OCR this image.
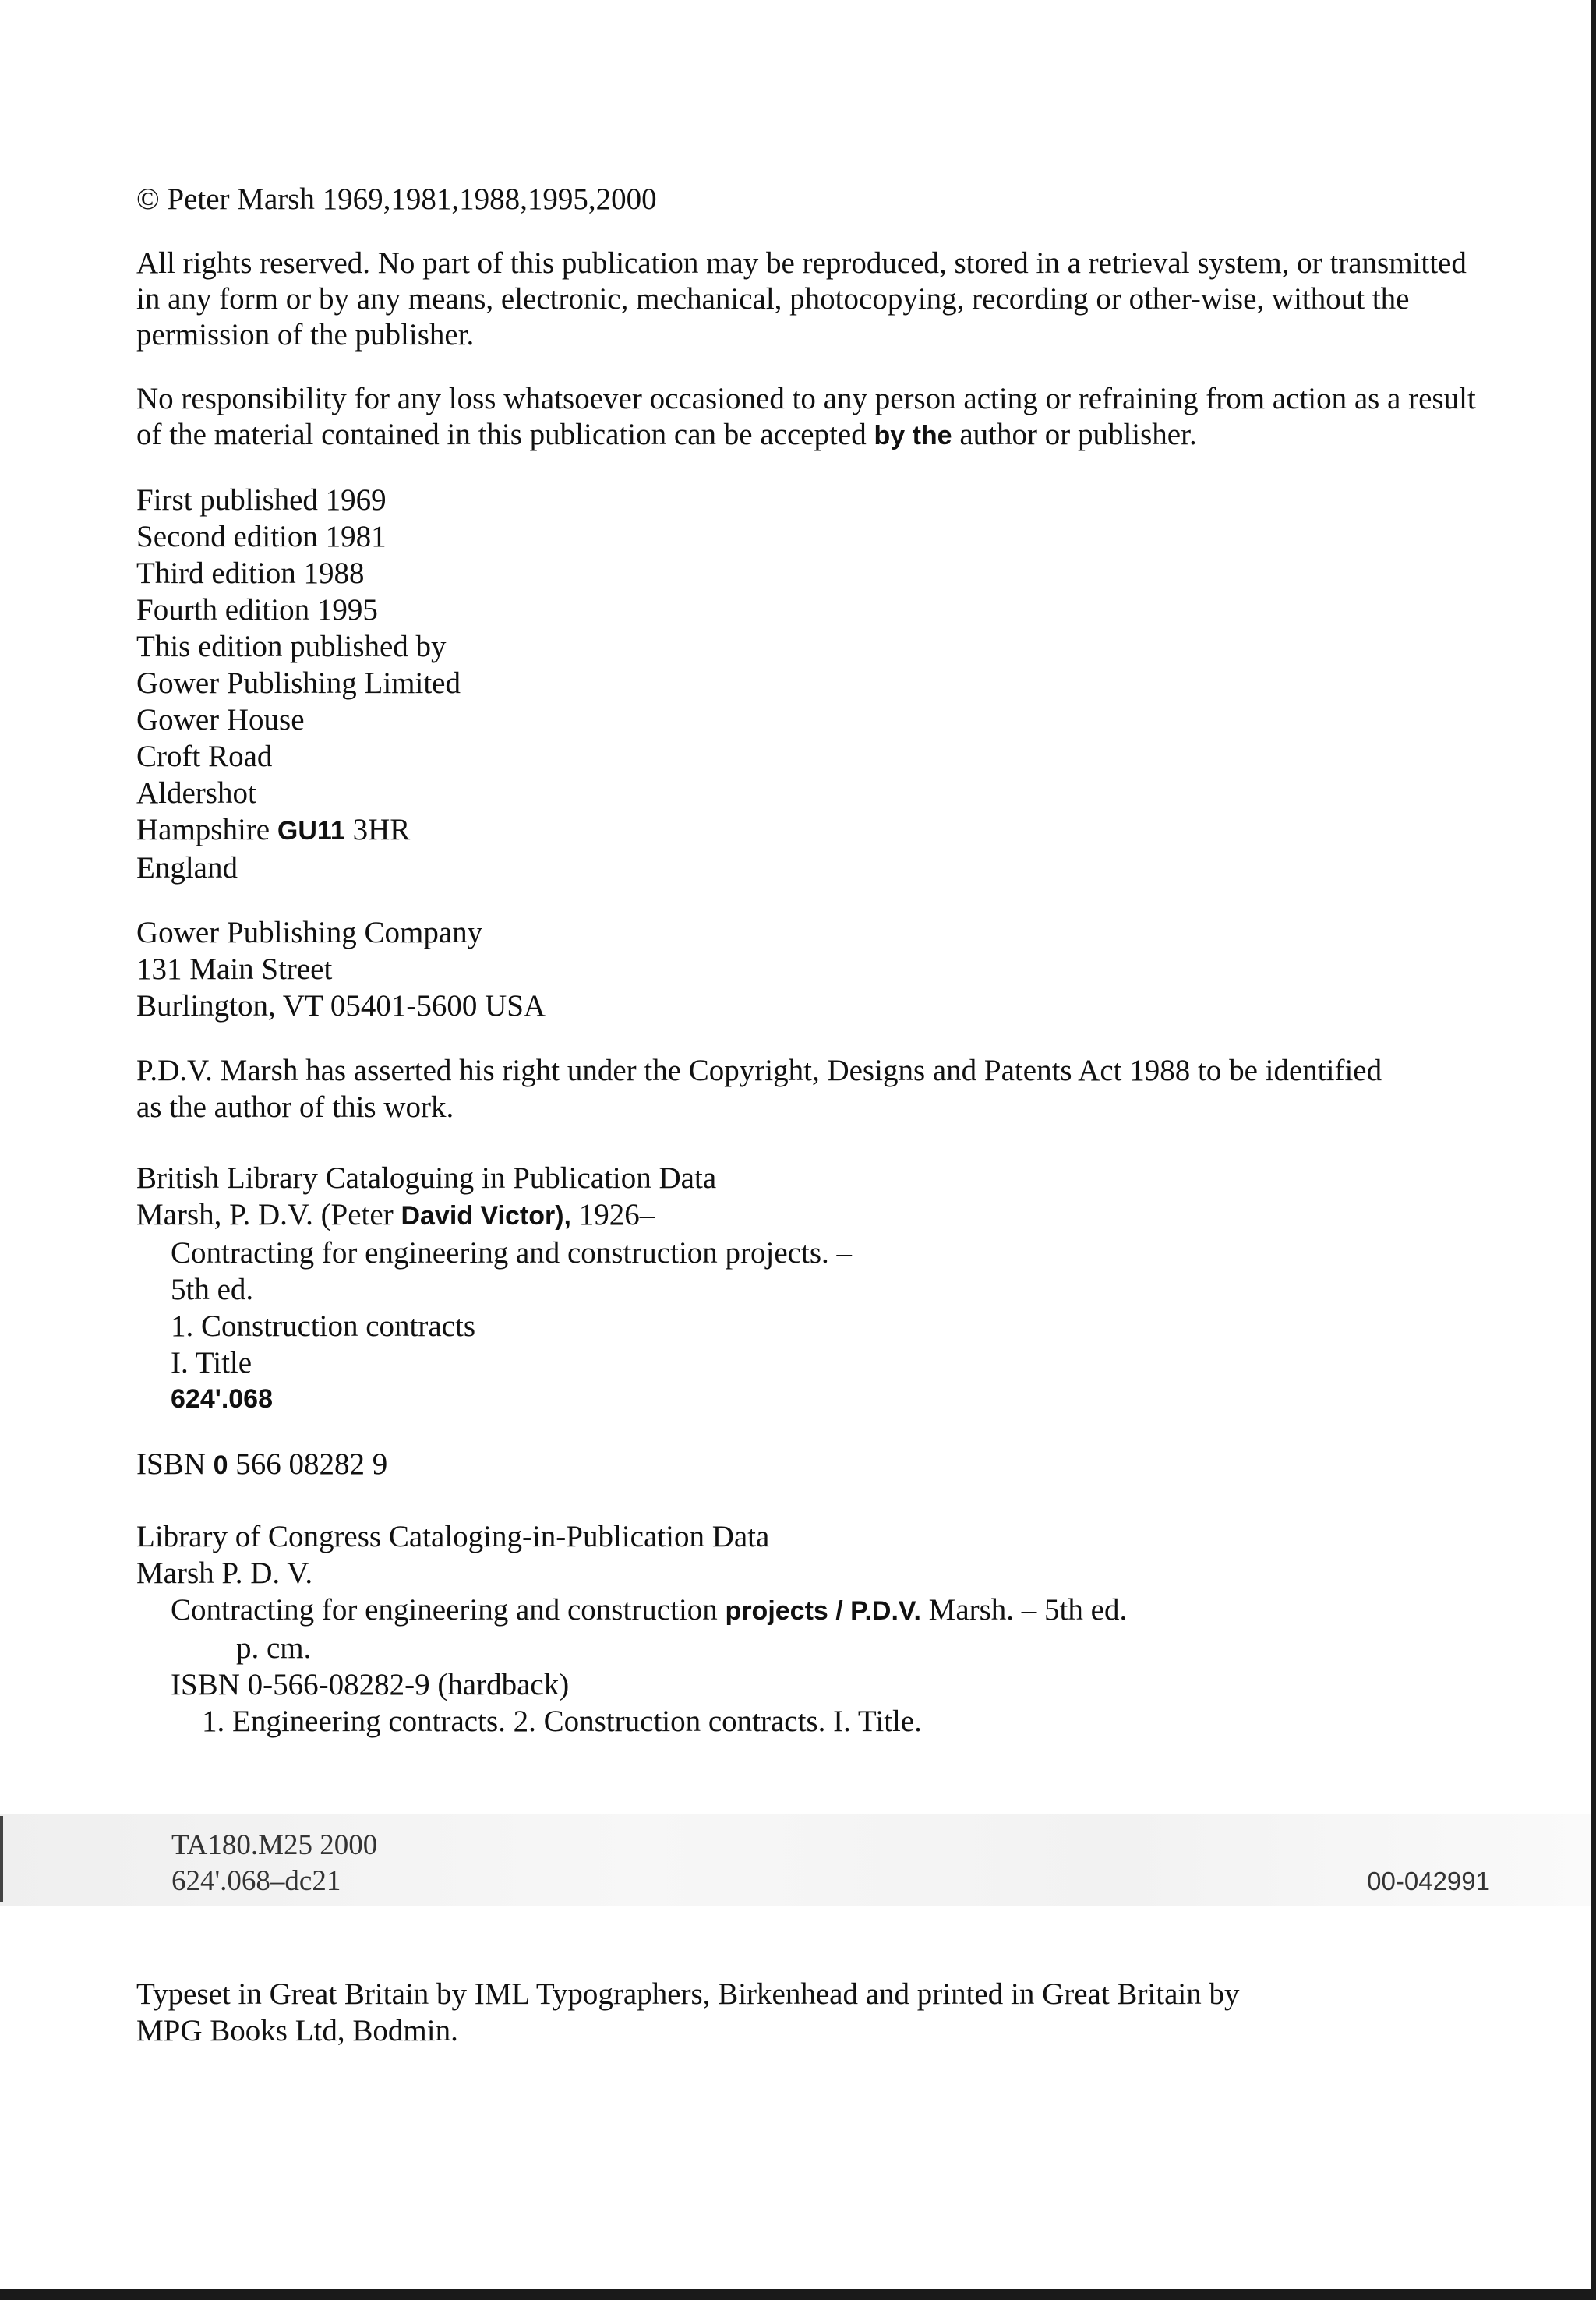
© Peter Marsh 1969,1981,1988,1995,2000

All rights reserved. No part of this publication may be reproduced, stored in a retrieval system, or transmitted in any form or by any means, electronic, mechanical, photocopying, recording or other-wise, without the permission of the publisher.

No responsibility for any loss whatsoever occasioned to any person acting or refraining from action as a result of the material contained in this publication can be accepted by the author or publisher.

First published 1969
Second edition 1981
Third edition 1988
Fourth edition 1995
This edition published by
Gower Publishing Limited
Gower House
Croft Road
Aldershot
Hampshire GU11 3HR
England
Gower Publishing Company
131 Main Street
Burlington, VT 05401-5600 USA
P.D.V. Marsh has asserted his right under the Copyright, Designs and Patents Act 1988 to be identified
as the author of this work.
British Library Cataloguing in Publication Data
Marsh, P. D.V. (Peter David Victor), 1926–
Contracting for engineering and construction projects. –
5th ed.
1. Construction contracts
I. Title
624'.068
ISBN 0 566 08282 9
Library of Congress Cataloging-in-Publication Data
Marsh P. D. V.
Contracting for engineering and construction projects / P.D.V. Marsh. – 5th ed.
p. cm.
ISBN 0-566-08282-9 (hardback)
1. Engineering contracts. 2. Construction contracts. I. Title.
TA180.M25 2000
624'.068–dc21	00-042991
Typeset in Great Britain by IML Typographers, Birkenhead and printed in Great Britain by
MPG Books Ltd, Bodmin.
